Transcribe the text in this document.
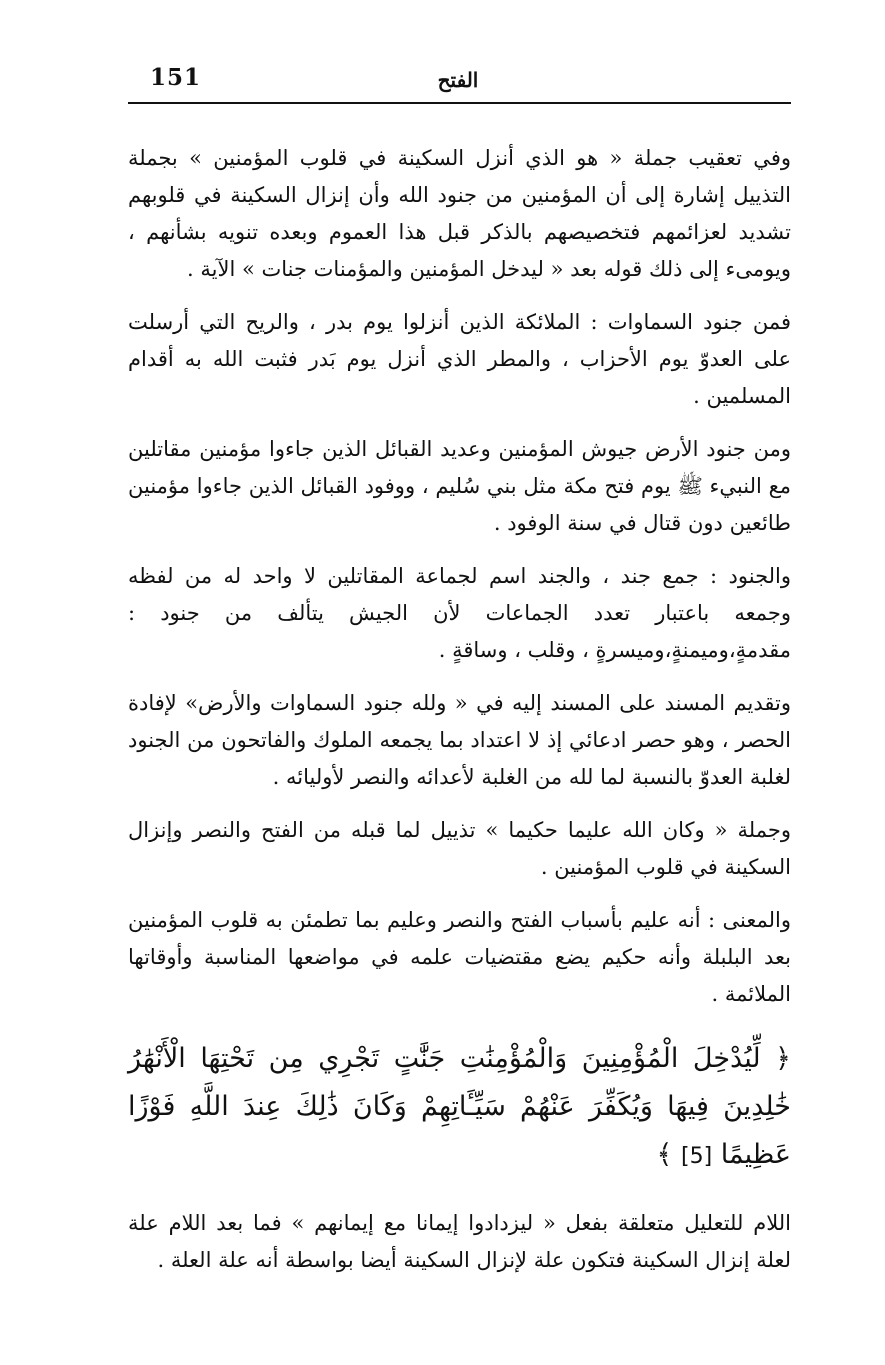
151	الفتح

وفي تعقيب جملة « هو الذي أنزل السكينة في قلوب المؤمنين » بجملة التذييل إشارة إلى أن المؤمنين من جنود الله وأن إنزال السكينة في قلوبهم تشديد لعزائمهم فتخصيصهم بالذكر قبل هذا العموم وبعده تنويه بشأنهم ، ويومىء إلى ذلك قوله بعد « ليدخل المؤمنين والمؤمنات جنات » الآية .

فمن جنود السماوات : الملائكة الذين أنزلوا يوم بدر ، والريح التي أرسلت على العدوّ يوم الأحزاب ، والمطر الذي أنزل يوم بَدر فثبت الله به أقدام المسلمين .

ومن جنود الأرض جيوش المؤمنين وعديد القبائل الذين جاءوا مؤمنين مقاتلين مع النبيء ﷺ يوم فتح مكة مثل بني سُليم ، ووفود القبائل الذين جاءوا مؤمنين طائعين دون قتال في سنة الوفود .

والجنود : جمع جند ، والجند اسم لجماعة المقاتلين لا واحد له من لفظه وجمعه باعتبار تعدد الجماعات لأن الجيش يتألف من جنود : مقدمةٍ،وميمنةٍ،وميسرةٍ ، وقلب ، وساقةٍ .

وتقديم المسند على المسند إليه في « ولله جنود السماوات والأرض» لإفادة الحصر ، وهو حصر ادعائي إذ لا اعتداد بما يجمعه الملوك والفاتحون من الجنود لغلبة العدوّ بالنسبة لما لله من الغلبة لأعدائه والنصر لأوليائه .

وجملة « وكان الله عليما حكيما » تذييل لما قبله من الفتح والنصر وإنزال السكينة في قلوب المؤمنين .

والمعنى : أنه عليم بأسباب الفتح والنصر وعليم بما تطمئن به قلوب المؤمنين بعد البلبلة وأنه حكيم يضع مقتضيات علمه في مواضعها المناسبة وأوقاتها الملائمة .

﴿ لِّيُدْخِلَ الْمُؤْمِنِينَ وَالْمُؤْمِنَٰتِ جَنَّٰتٍ تَجْرِي مِن تَحْتِهَا الْأَنْهَٰرُ خَٰلِدِينَ فِيهَا وَيُكَفِّرَ عَنْهُمْ سَيِّـَٔاتِهِمْ وَكَانَ ذَٰلِكَ عِندَ اللَّهِ فَوْزًا عَظِيمًا [5] ﴾

اللام للتعليل متعلقة بفعل « ليزدادوا إيمانا مع إيمانهم » فما بعد اللام علة لعلة إنزال السكينة فتكون علة لإنزال السكينة أيضا بواسطة أنه علة العلة .
